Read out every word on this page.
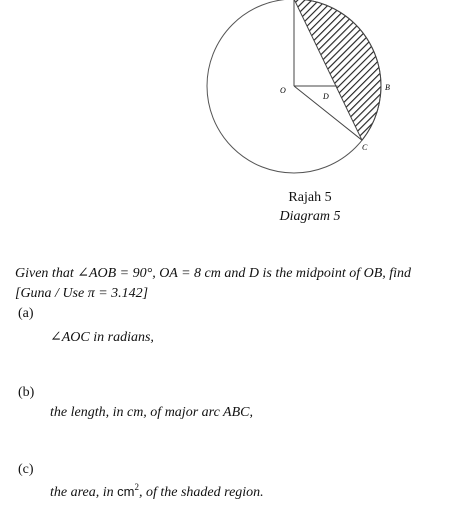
O
D
B
C
Rajah 5
Diagram 5
Given that ∠AOB = 90°, OA = 8 cm and D is the midpoint of OB, find
[Guna / Use π = 3.142]
(a)
∠AOC in radians,
(b)
the length, in cm, of major arc ABC,
(c)
the area, in $cm^2$, of the shaded region.
